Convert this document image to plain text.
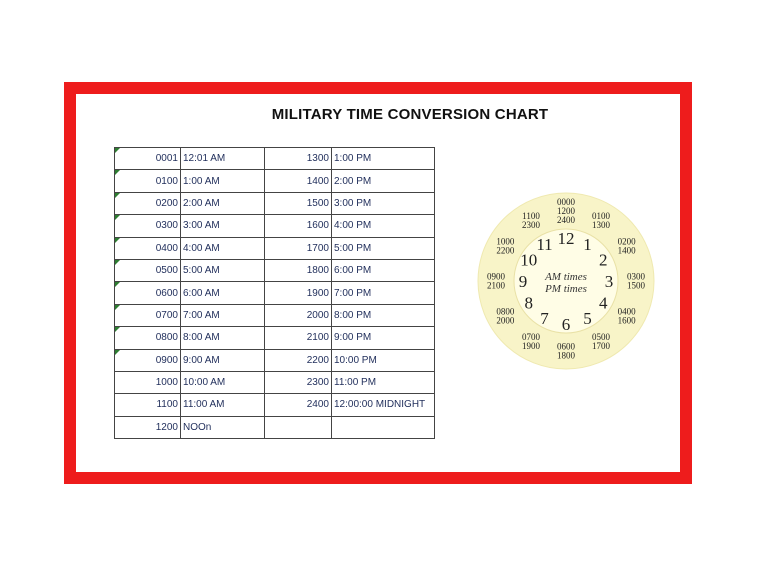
MILITARY TIME CONVERSION CHART
0001	12:01 AM	1300	1:00 PM

0100	1:00 AM	1400	2:00 PM

0200	2:00 AM	1500	3:00 PM

0300	3:00 AM	1600	4:00 PM

0400	4:00 AM	1700	5:00 PM

0500	5:00 AM	1800	6:00 PM

0600	6:00 AM	1900	7:00 PM

0700	7:00 AM	2000	8:00 PM

0800	8:00 AM	2100	9:00 PM

0900	9:00 AM	2200	10:00 PM
1000	10:00 AM	2300	11:00 PM
1100	11:00 AM	2400	12:00:00 MIDNIGHT
1200	NOOn		
12
0000
1200
2400
1
0100
1300
2
0200
1400
3 0300
1500
4 0400
1600
5
0500
1700
6
0600
1800
7
0700
1900
8
0800
2000
9
0900
2100
10
1000
2200 11
1100
2300
AM times
PM times
